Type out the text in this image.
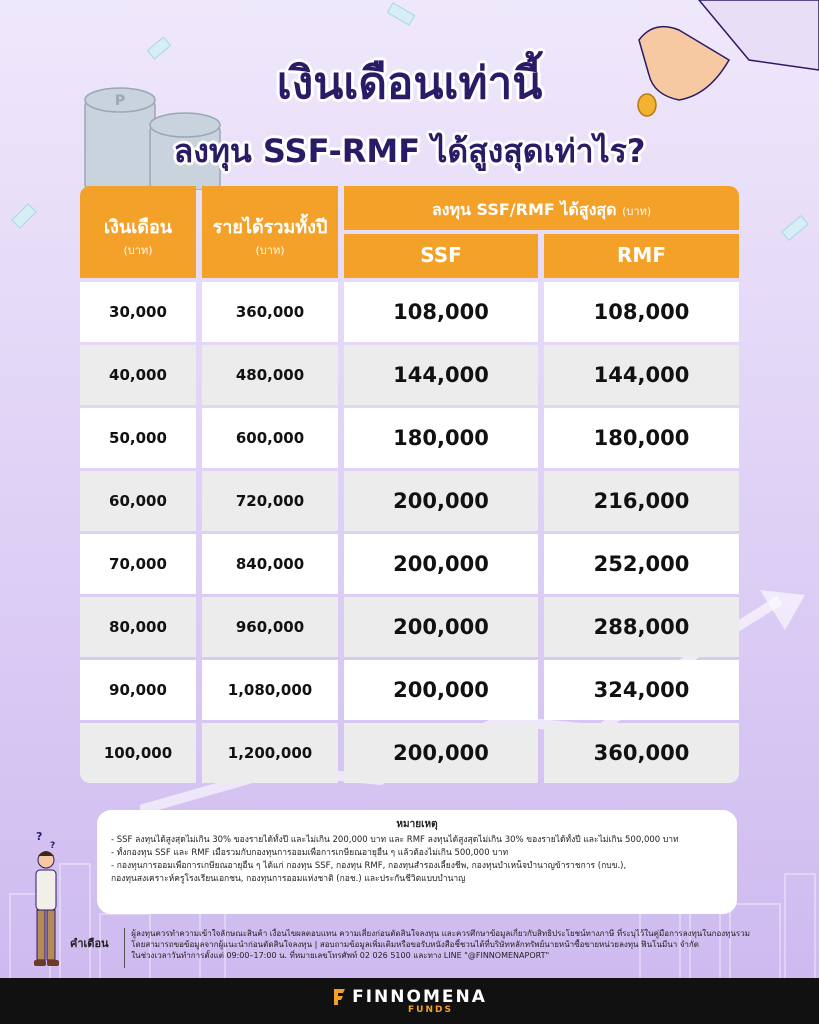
P	เงินเดือนเท่านี้
ลงทุน SSF-RMF ได้สูงสุดเท่าไร?
เงินเดือน
(บาท)
รายได้รวมทั้งปี
(บาท)
ลงทุน SSF/RMF ได้สูงสุด (บาท)
SSF	RMF
30,000	360,000	108,000	108,000
40,000	480,000	144,000	144,000
50,000	600,000	180,000	180,000
60,000	720,000	200,000	216,000
70,000	840,000	200,000	252,000
80,000	960,000	200,000	288,000
90,000	1,080,000	200,000	324,000
100,000	1,200,000	200,000	360,000
?
?
หมายเหตุ
- SSF ลงทุนได้สูงสุดไม่เกิน 30% ของรายได้ทั้งปี และไม่เกิน 200,000 บาท และ RMF ลงทุนได้สูงสุดไม่เกิน 30% ของรายได้ทั้งปี และไม่เกิน 500,000 บาท
- ทั้งกองทุน SSF และ RMF เมื่อรวมกับกองทุนการออมเพื่อการเกษียณอายุอื่น ๆ แล้วต้องไม่เกิน 500,000 บาท
- กองทุนการออมเพื่อการเกษียณอายุอื่น ๆ ได้แก่ กองทุน SSF, กองทุน RMF, กองทุนสำรองเลี้ยงชีพ, กองทุนบำเหน็จบำนาญข้าราชการ (กบข.),
กองทุนสงเคราะห์ครูโรงเรียนเอกชน, กองทุนการออมแห่งชาติ (กอช.) และประกันชีวิตแบบบำนาญ
คำเตือน
ผู้ลงทุนควรทำความเข้าใจลักษณะสินค้า เงื่อนไขผลตอบแทน ความเสี่ยงก่อนตัดสินใจลงทุน และควรศึกษาข้อมูลเกี่ยวกับสิทธิประโยชน์ทางภาษี ที่ระบุไว้ในคู่มือการลงทุนในกองทุนรวม
โดยสามารถขอข้อมูลจากผู้แนะนำก่อนตัดสินใจลงทุน | สอบถามข้อมูลเพิ่มเติมหรือขอรับหนังสือชี้ชวนได้ที่บริษัทหลักทรัพย์นายหน้าซื้อขายหน่วยลงทุน ฟินโนมีนา จำกัด
ในช่วงเวลาวันทำการตั้งแต่ 09:00–17:00 น. ที่หมายเลขโทรศัพท์ 02 026 5100 และทาง LINE "@FINNOMENAPORT"
FINNOMENA
FUNDS
